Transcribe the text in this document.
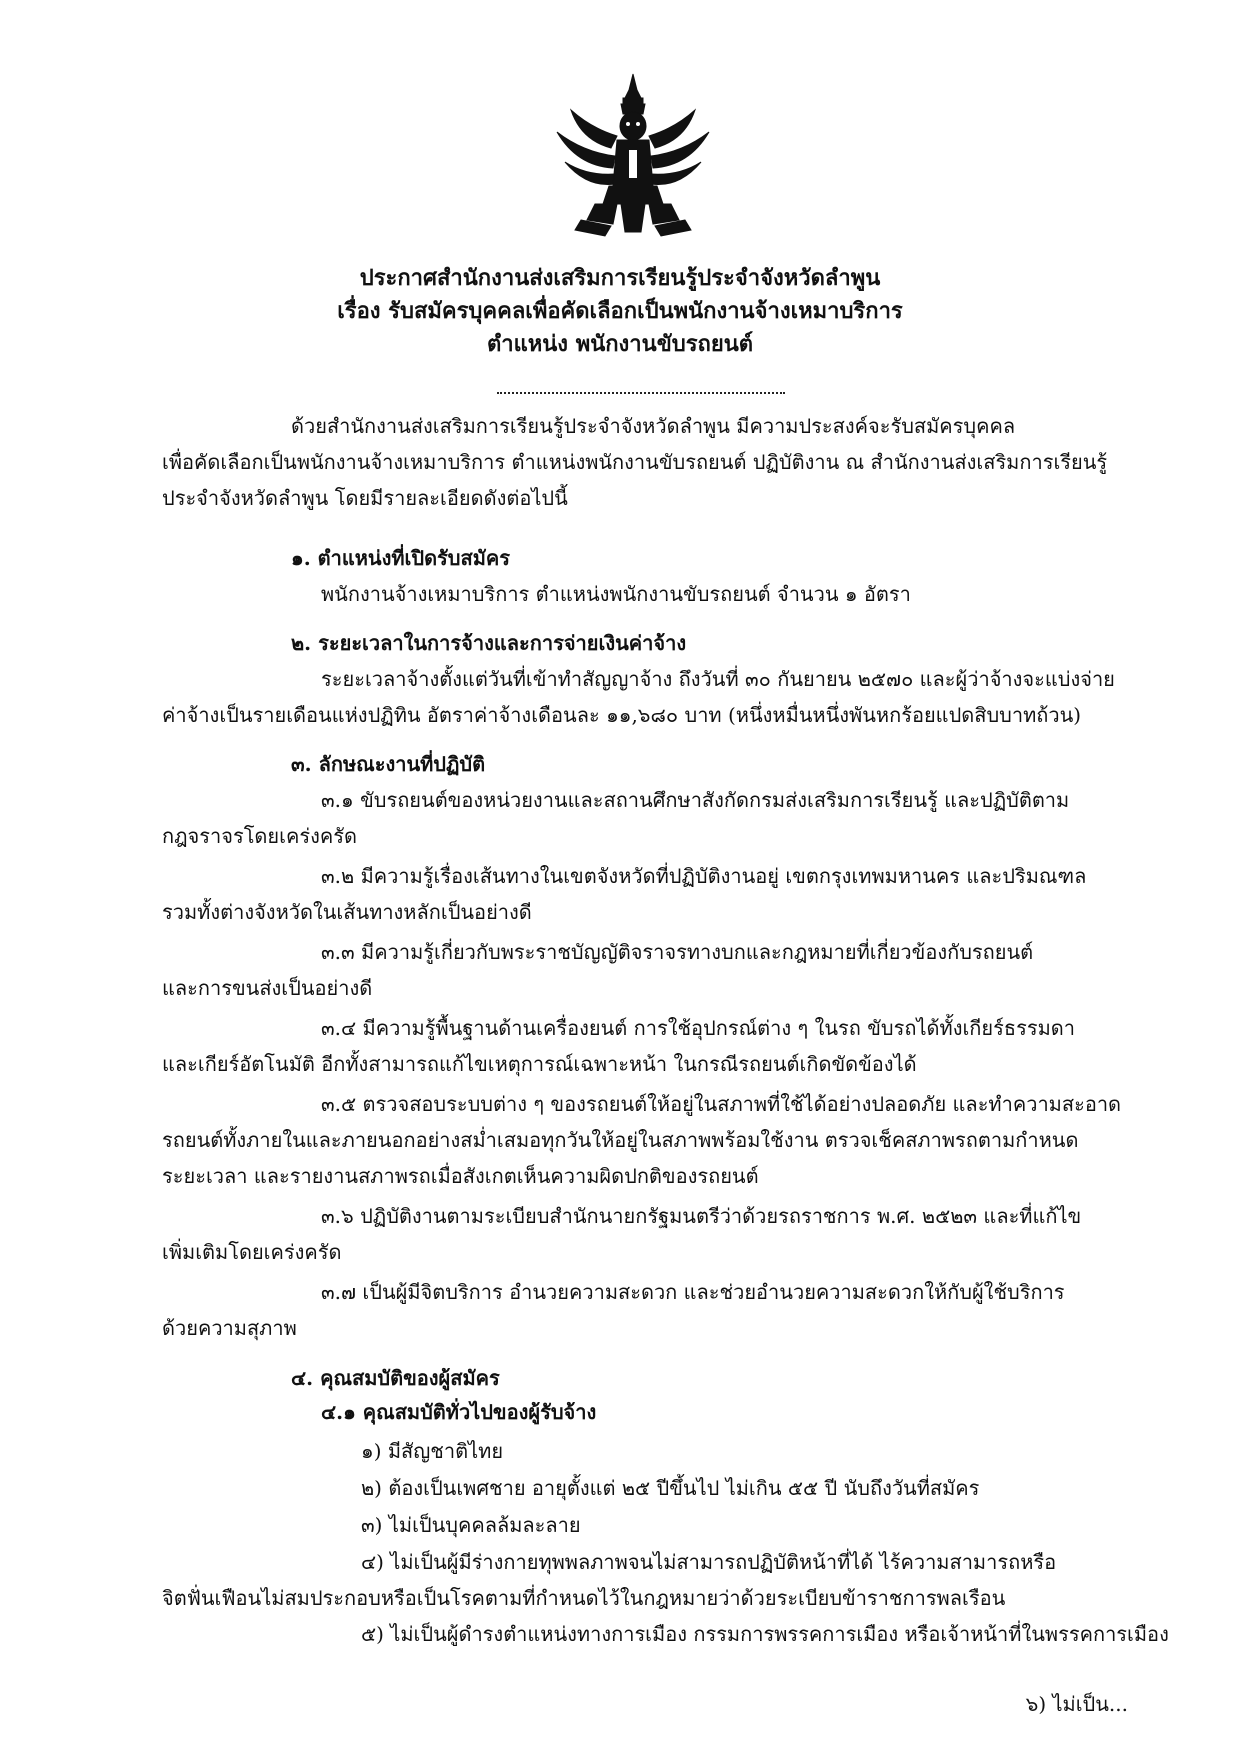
ประกาศสำนักงานส่งเสริมการเรียนรู้ประจำจังหวัดลำพูน
เรื่อง รับสมัครบุคคลเพื่อคัดเลือกเป็นพนักงานจ้างเหมาบริการ
ตำแหน่ง พนักงานขับรถยนต์
ด้วยสำนักงานส่งเสริมการเรียนรู้ประจำจังหวัดลำพูน มีความประสงค์จะรับสมัครบุคคล
เพื่อคัดเลือกเป็นพนักงานจ้างเหมาบริการ ตำแหน่งพนักงานขับรถยนต์ ปฏิบัติงาน ณ สำนักงานส่งเสริมการเรียนรู้
ประจำจังหวัดลำพูน โดยมีรายละเอียดดังต่อไปนี้
๑. ตำแหน่งที่เปิดรับสมัคร
พนักงานจ้างเหมาบริการ ตำแหน่งพนักงานขับรถยนต์ จำนวน ๑ อัตรา
๒. ระยะเวลาในการจ้างและการจ่ายเงินค่าจ้าง
ระยะเวลาจ้างตั้งแต่วันที่เข้าทำสัญญาจ้าง ถึงวันที่ ๓๐ กันยายน ๒๕๗๐ และผู้ว่าจ้างจะแบ่งจ่าย
ค่าจ้างเป็นรายเดือนแห่งปฏิทิน อัตราค่าจ้างเดือนละ ๑๑,๖๘๐ บาท (หนึ่งหมื่นหนึ่งพันหกร้อยแปดสิบบาทถ้วน)
๓. ลักษณะงานที่ปฏิบัติ
๓.๑ ขับรถยนต์ของหน่วยงานและสถานศึกษาสังกัดกรมส่งเสริมการเรียนรู้ และปฏิบัติตาม
กฎจราจรโดยเคร่งครัด
๓.๒ มีความรู้เรื่องเส้นทางในเขตจังหวัดที่ปฏิบัติงานอยู่ เขตกรุงเทพมหานคร และปริมณฑล
รวมทั้งต่างจังหวัดในเส้นทางหลักเป็นอย่างดี
๓.๓ มีความรู้เกี่ยวกับพระราชบัญญัติจราจรทางบกและกฎหมายที่เกี่ยวข้องกับรถยนต์
และการขนส่งเป็นอย่างดี
๓.๔ มีความรู้พื้นฐานด้านเครื่องยนต์ การใช้อุปกรณ์ต่าง ๆ ในรถ ขับรถได้ทั้งเกียร์ธรรมดา
และเกียร์อัตโนมัติ อีกทั้งสามารถแก้ไขเหตุการณ์เฉพาะหน้า ในกรณีรถยนต์เกิดขัดข้องได้
๓.๕ ตรวจสอบระบบต่าง ๆ ของรถยนต์ให้อยู่ในสภาพที่ใช้ได้อย่างปลอดภัย และทำความสะอาด
รถยนต์ทั้งภายในและภายนอกอย่างสม่ำเสมอทุกวันให้อยู่ในสภาพพร้อมใช้งาน ตรวจเช็คสภาพรถตามกำหนด
ระยะเวลา และรายงานสภาพรถเมื่อสังเกตเห็นความผิดปกติของรถยนต์
๓.๖ ปฏิบัติงานตามระเบียบสำนักนายกรัฐมนตรีว่าด้วยรถราชการ พ.ศ. ๒๕๒๓ และที่แก้ไข
เพิ่มเติมโดยเคร่งครัด
๓.๗ เป็นผู้มีจิตบริการ อำนวยความสะดวก และช่วยอำนวยความสะดวกให้กับผู้ใช้บริการ
ด้วยความสุภาพ
๔. คุณสมบัติของผู้สมัคร
๔.๑ คุณสมบัติทั่วไปของผู้รับจ้าง
๑) มีสัญชาติไทย
๒) ต้องเป็นเพศชาย อายุตั้งแต่ ๒๕ ปีขึ้นไป ไม่เกิน ๕๕ ปี นับถึงวันที่สมัคร
๓) ไม่เป็นบุคคลล้มละลาย
๔) ไม่เป็นผู้มีร่างกายทุพพลภาพจนไม่สามารถปฏิบัติหน้าที่ได้ ไร้ความสามารถหรือ
จิตฟั่นเฟือนไม่สมประกอบหรือเป็นโรคตามที่กำหนดไว้ในกฎหมายว่าด้วยระเบียบข้าราชการพลเรือน
๕) ไม่เป็นผู้ดำรงตำแหน่งทางการเมือง กรรมการพรรคการเมือง หรือเจ้าหน้าที่ในพรรคการเมือง
๖) ไม่เป็น...
